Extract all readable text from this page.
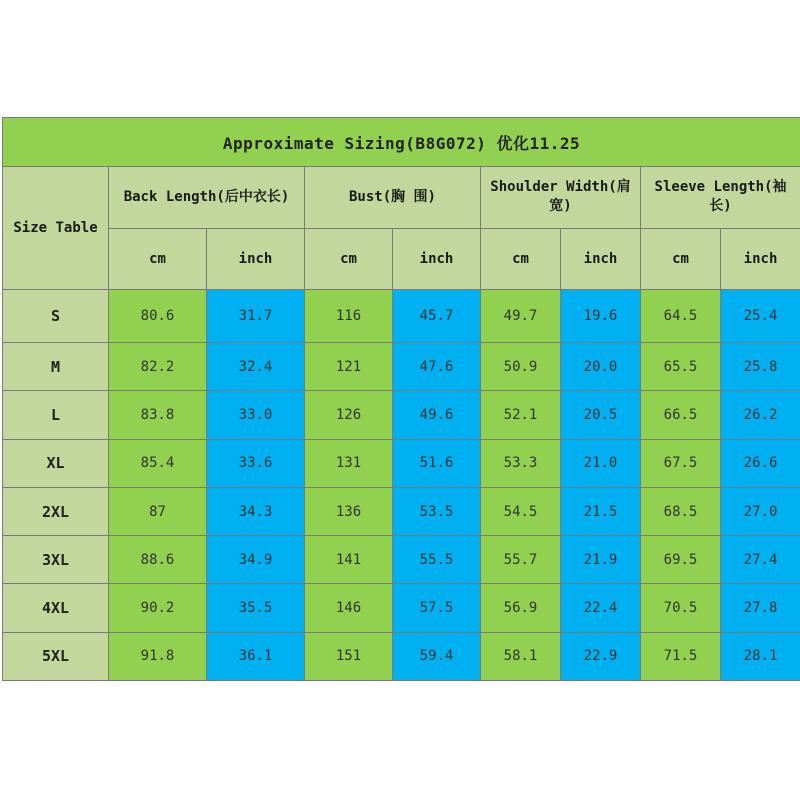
Approximate Sizing(B8G072) 优化11.25								
Size Table	Back Length(后中衣长)		Bust(胸 围)		Shoulder Width(肩宽)		Sleeve Length(袖长)	
	cm	inch	cm	inch	cm	inch	cm	inch
S	80.6	31.7	116	45.7	49.7	19.6	64.5	25.4
M	82.2	32.4	121	47.6	50.9	20.0	65.5	25.8
L	83.8	33.0	126	49.6	52.1	20.5	66.5	26.2
XL	85.4	33.6	131	51.6	53.3	21.0	67.5	26.6
2XL	87	34.3	136	53.5	54.5	21.5	68.5	27.0
3XL	88.6	34.9	141	55.5	55.7	21.9	69.5	27.4
4XL	90.2	35.5	146	57.5	56.9	22.4	70.5	27.8
5XL	91.8	36.1	151	59.4	58.1	22.9	71.5	28.1
